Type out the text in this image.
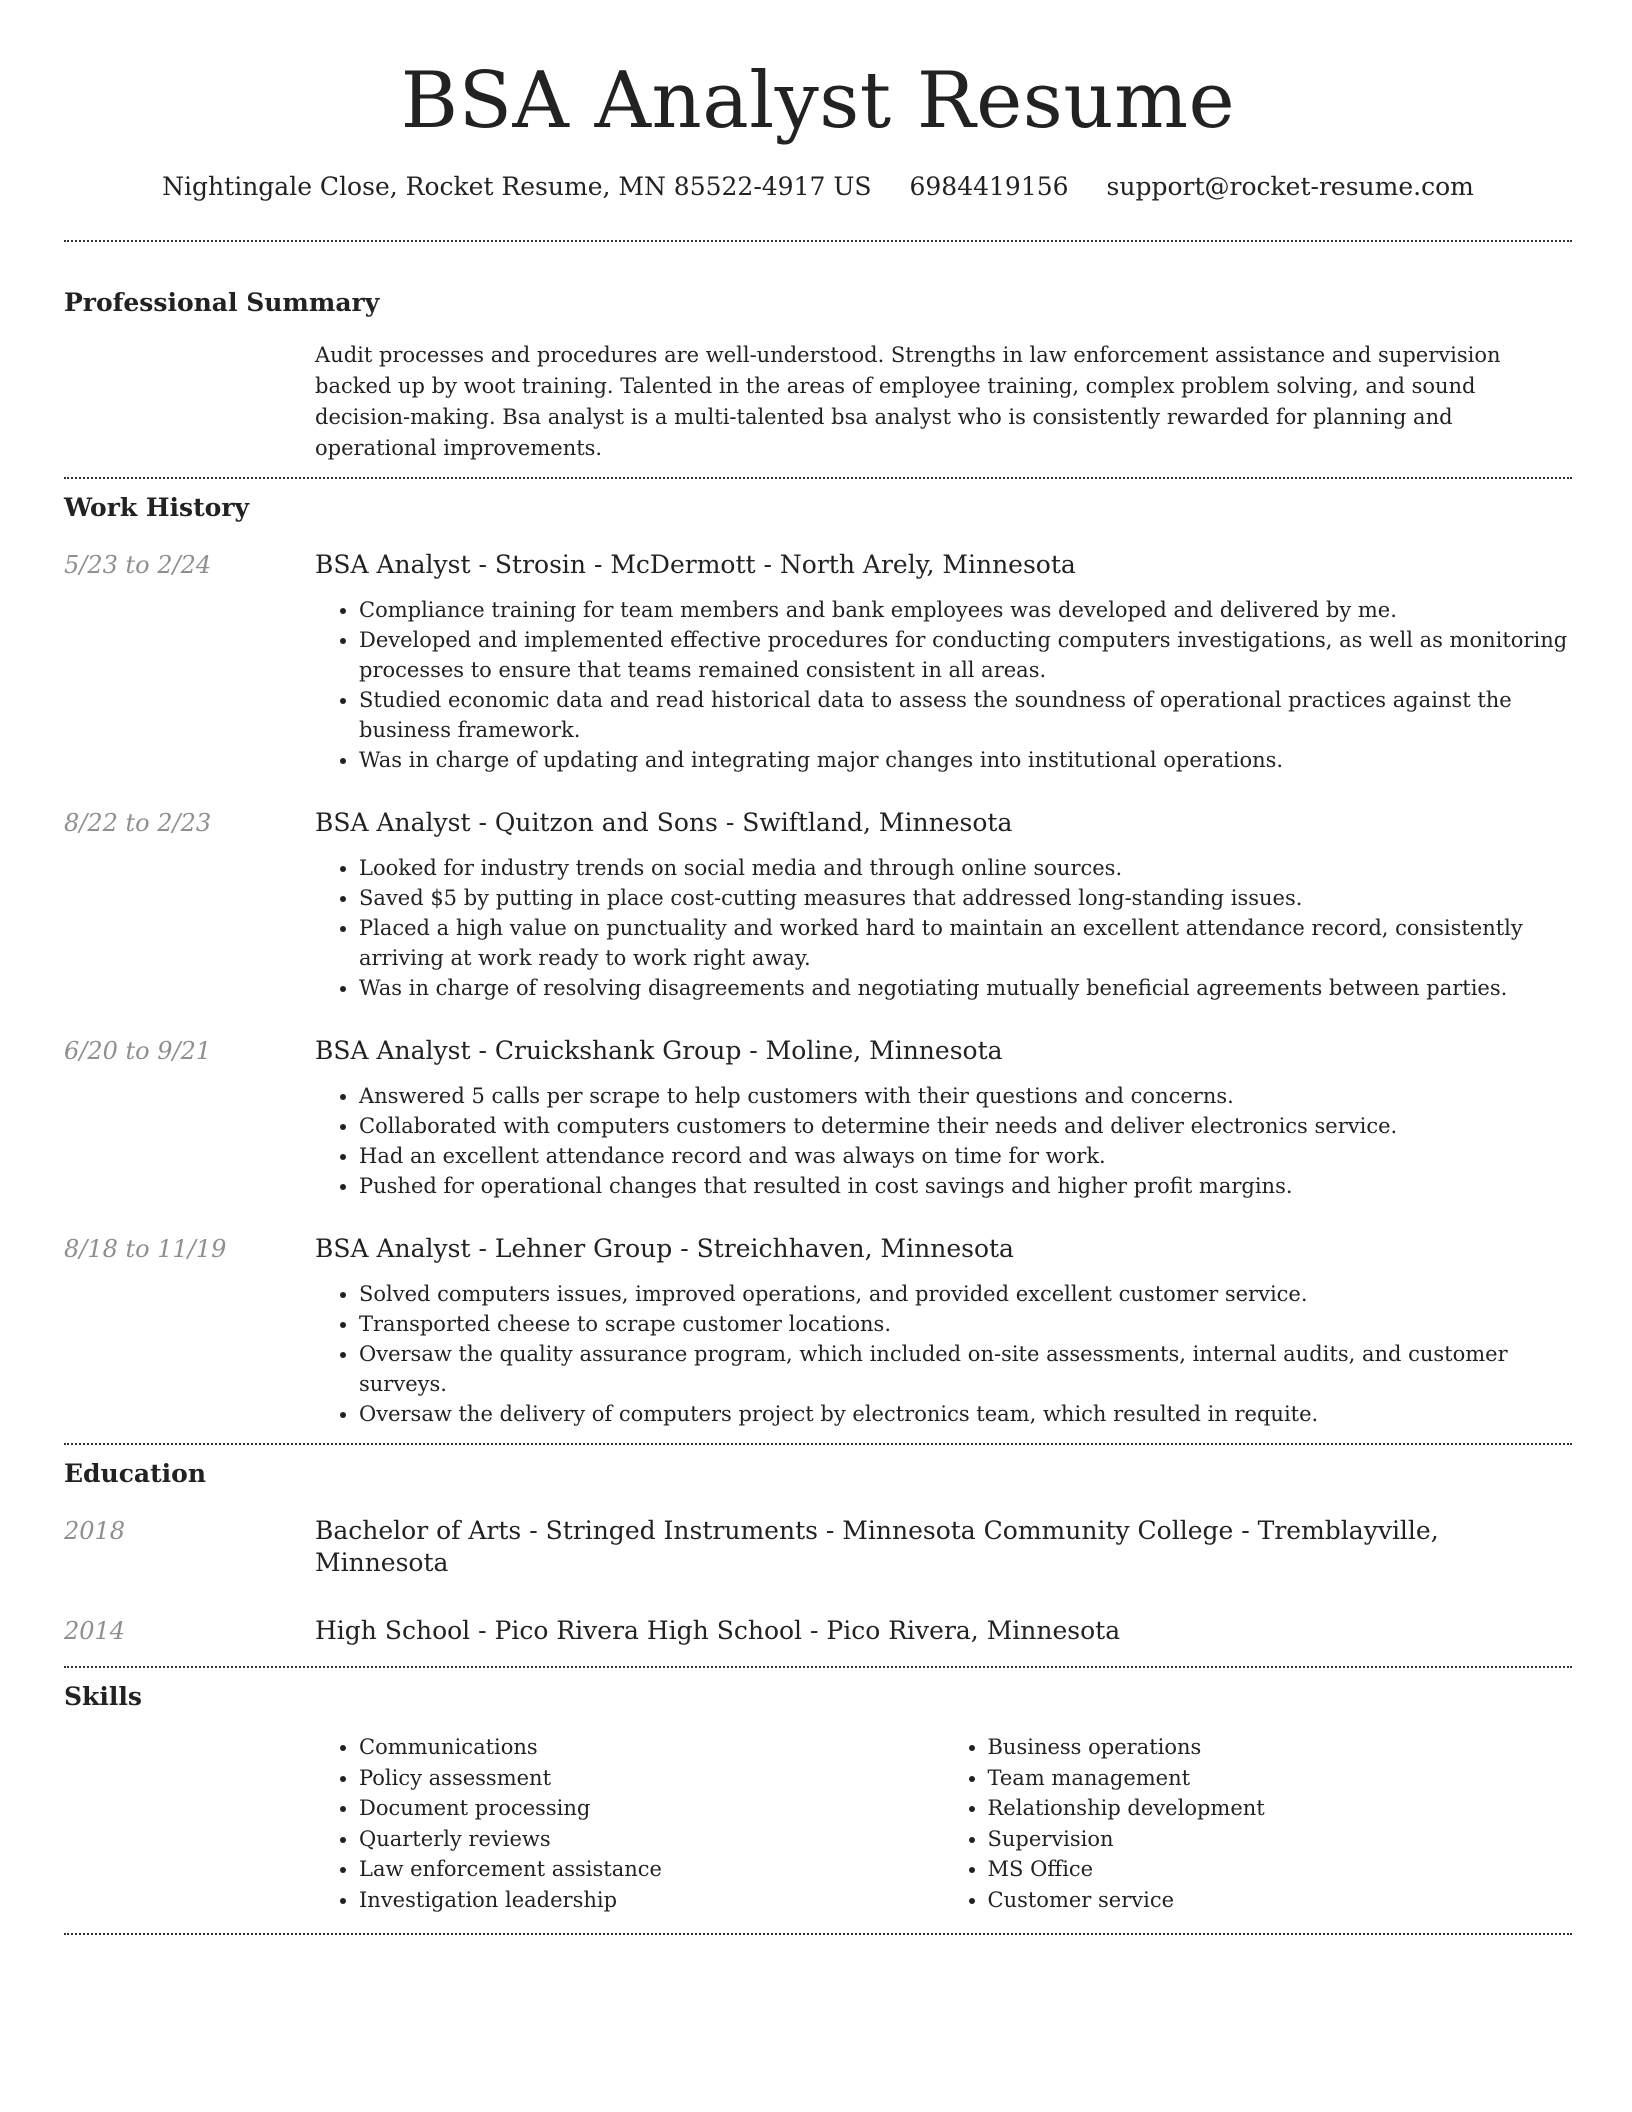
BSA Analyst Resume
Nightingale Close, Rocket Resume, MN 85522-4917 US 6984419156 support@rocket-resume.com
Professional Summary

Audit processes and procedures are well-understood. Strengths in law enforcement assistance and supervision backed up by woot training. Talented in the areas of employee training, complex problem solving, and sound decision-making. Bsa analyst is a multi-talented bsa analyst who is consistently rewarded for planning and operational improvements.

Work History
5/23 to 2/24	BSA Analyst - Strosin - McDermott - North Arely, Minnesota
• Compliance training for team members and bank employees was developed and delivered by me.
• Developed and implemented effective procedures for conducting computers investigations, as well as monitoring processes to ensure that teams remained consistent in all areas.
• Studied economic data and read historical data to assess the soundness of operational practices against the business framework.
• Was in charge of updating and integrating major changes into institutional operations.
8/22 to 2/23	BSA Analyst - Quitzon and Sons - Swiftland, Minnesota
• Looked for industry trends on social media and through online sources.
• Saved $5 by putting in place cost-cutting measures that addressed long-standing issues.
• Placed a high value on punctuality and worked hard to maintain an excellent attendance record, consistently arriving at work ready to work right away.
• Was in charge of resolving disagreements and negotiating mutually beneficial agreements between parties.
6/20 to 9/21	BSA Analyst - Cruickshank Group - Moline, Minnesota
• Answered 5 calls per scrape to help customers with their questions and concerns.
• Collaborated with computers customers to determine their needs and deliver electronics service.
• Had an excellent attendance record and was always on time for work.
• Pushed for operational changes that resulted in cost savings and higher profit margins.
8/18 to 11/19	BSA Analyst - Lehner Group - Streichhaven, Minnesota
• Solved computers issues, improved operations, and provided excellent customer service.
• Transported cheese to scrape customer locations.
• Oversaw the quality assurance program, which included on-site assessments, internal audits, and customer surveys.
• Oversaw the delivery of computers project by electronics team, which resulted in requite.
Education
2018	Bachelor of Arts - Stringed Instruments - Minnesota Community College - Tremblayville, Minnesota
2014	High School - Pico Rivera High School - Pico Rivera, Minnesota
Skills
• Communications
• Policy assessment
• Document processing
• Quarterly reviews
• Law enforcement assistance
• Investigation leadership
• Business operations
• Team management
• Relationship development
• Supervision
• MS Office
• Customer service
